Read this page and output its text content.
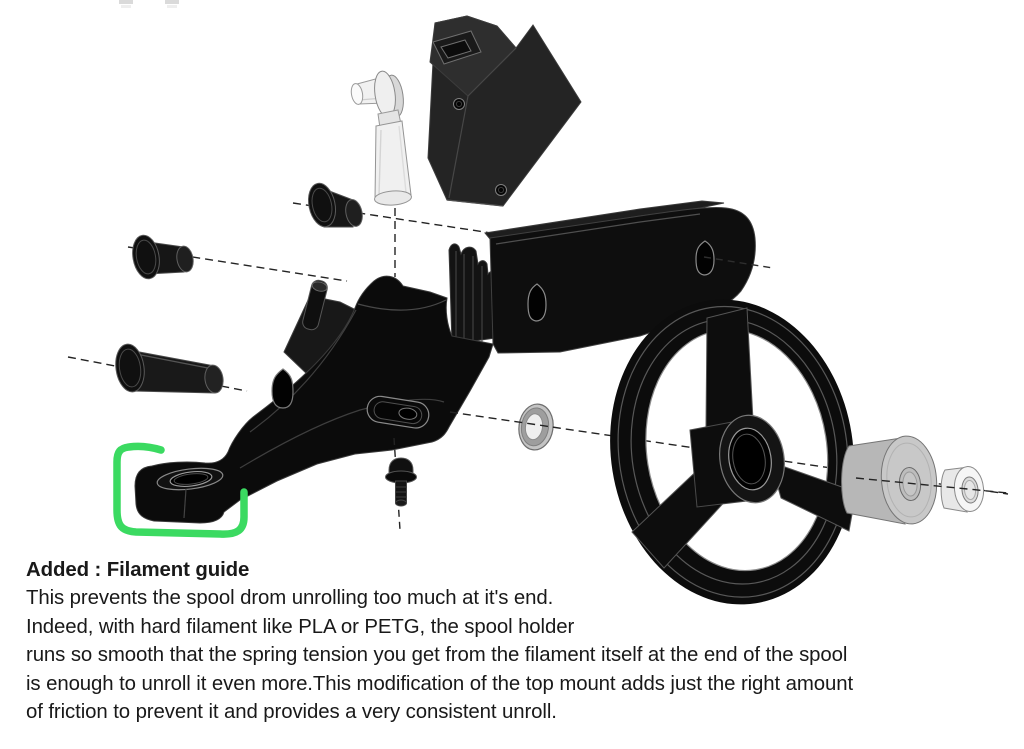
Added : Filament guide
This prevents the spool drom unrolling too much at it's end.
Indeed, with hard filament like PLA or PETG, the spool holder
runs so smooth that the spring tension you get from the filament itself at the end of the spool
is enough to unroll it even more.This modification of the top mount adds just the right amount
of friction to prevent it and provides a very consistent unroll.
